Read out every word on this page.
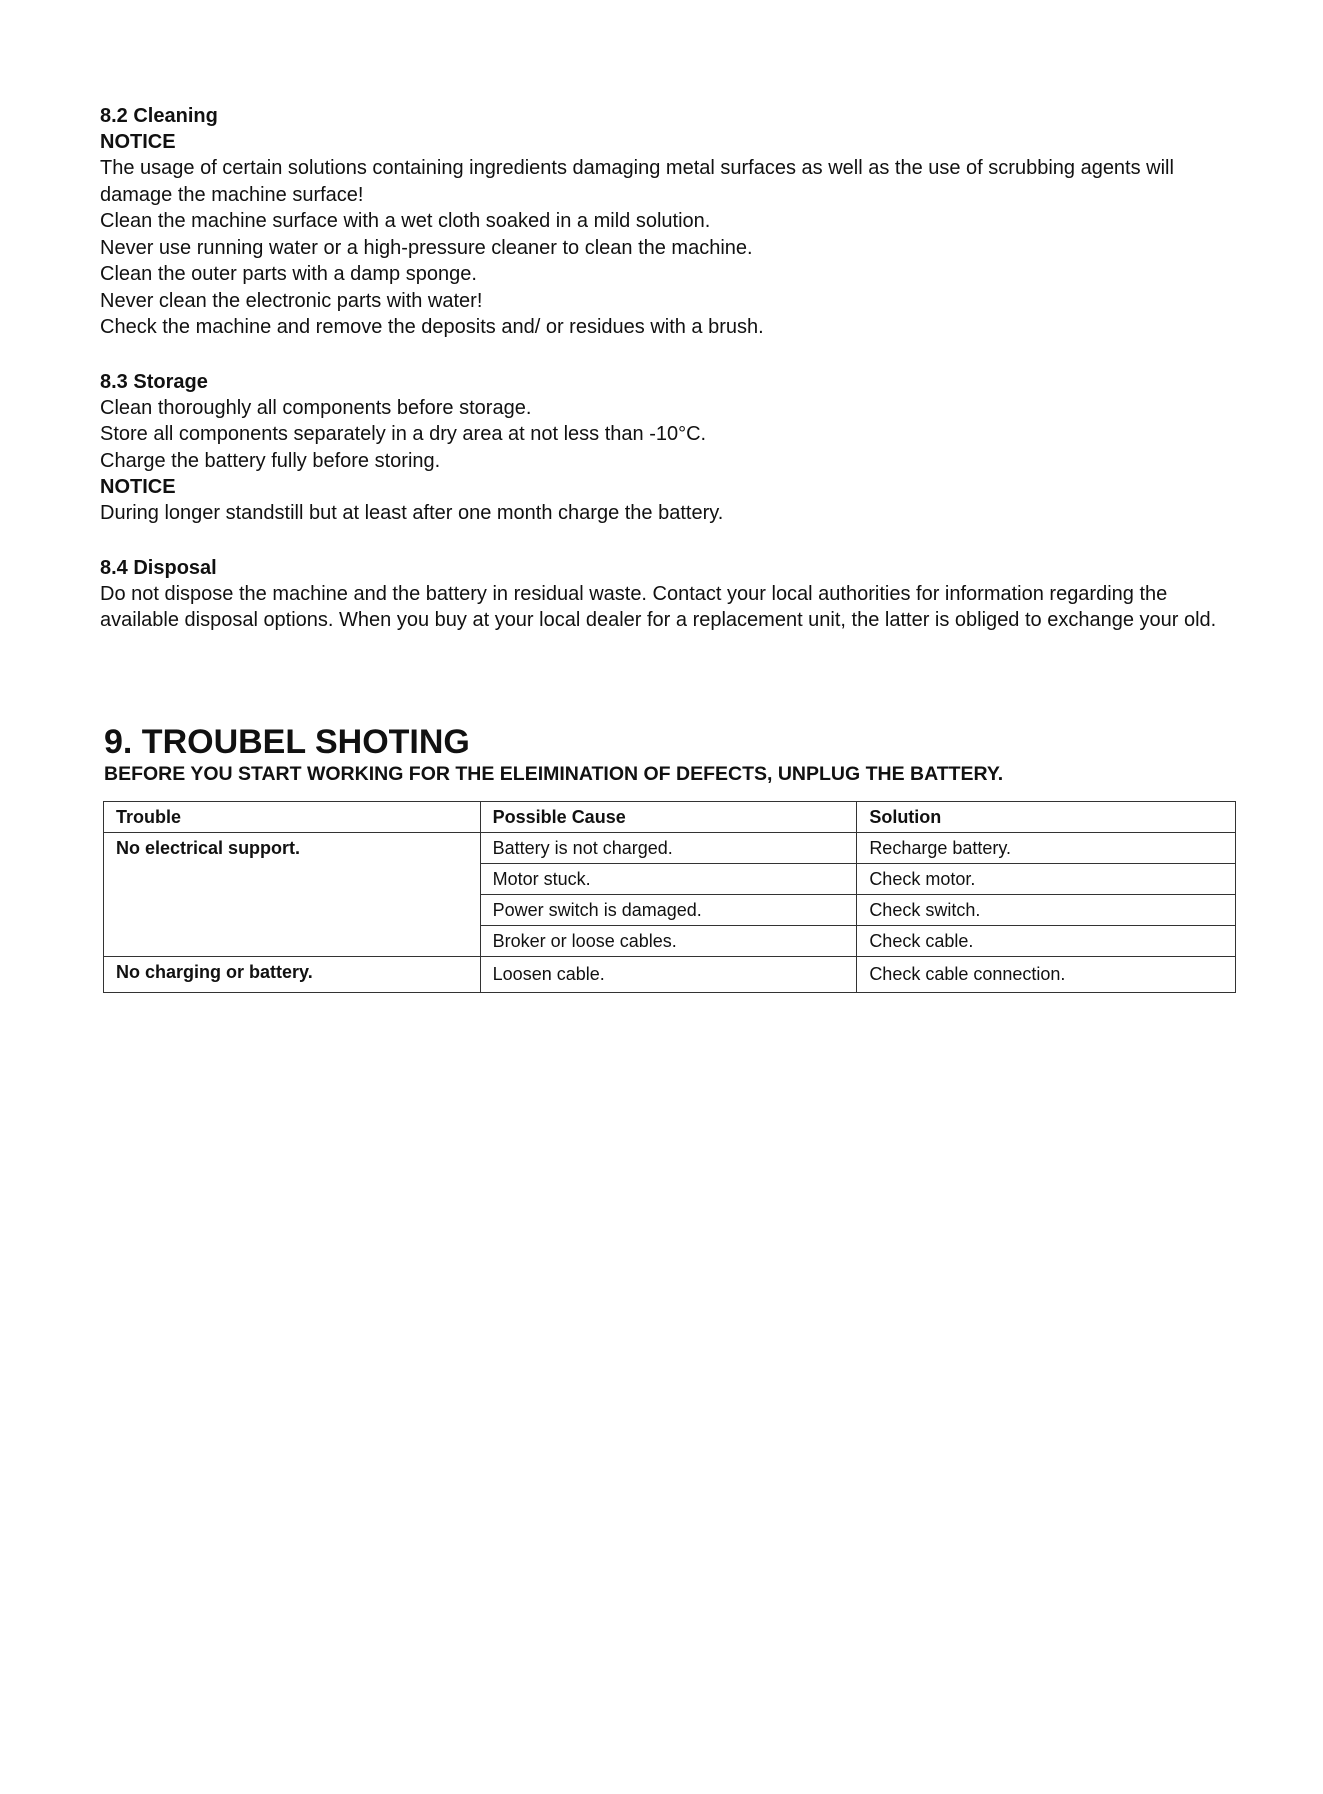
8.2 Cleaning

NOTICE

The usage of certain solutions containing ingredients damaging metal surfaces as well as the use of scrubbing agents will damage the machine surface!

Clean the machine surface with a wet cloth soaked in a mild solution.

Never use running water or a high-pressure cleaner to clean the machine.

Clean the outer parts with a damp sponge.

Never clean the electronic parts with water!

Check the machine and remove the deposits and/ or residues with a brush.

8.3 Storage

Clean thoroughly all components before storage.

Store all components separately in a dry area at not less than -10°C.

Charge the battery fully before storing.

NOTICE

During longer standstill but at least after one month charge the battery.

8.4 Disposal

Do not dispose the machine and the battery in residual waste. Contact your local authorities for information regarding the available disposal options. When you buy at your local dealer for a replacement unit, the latter is obliged to exchange your old.

9. TROUBEL SHOTING

BEFORE YOU START WORKING FOR THE ELEIMINATION OF DEFECTS, UNPLUG THE BATTERY.

Trouble	Possible Cause	Solution
No electrical support.	Battery is not charged.	Recharge battery.
	Motor stuck.	Check motor.
	Power switch is damaged.	Check switch.
	Broker or loose cables.	Check cable.
No charging or battery.	Loosen cable.	Check cable connection.
